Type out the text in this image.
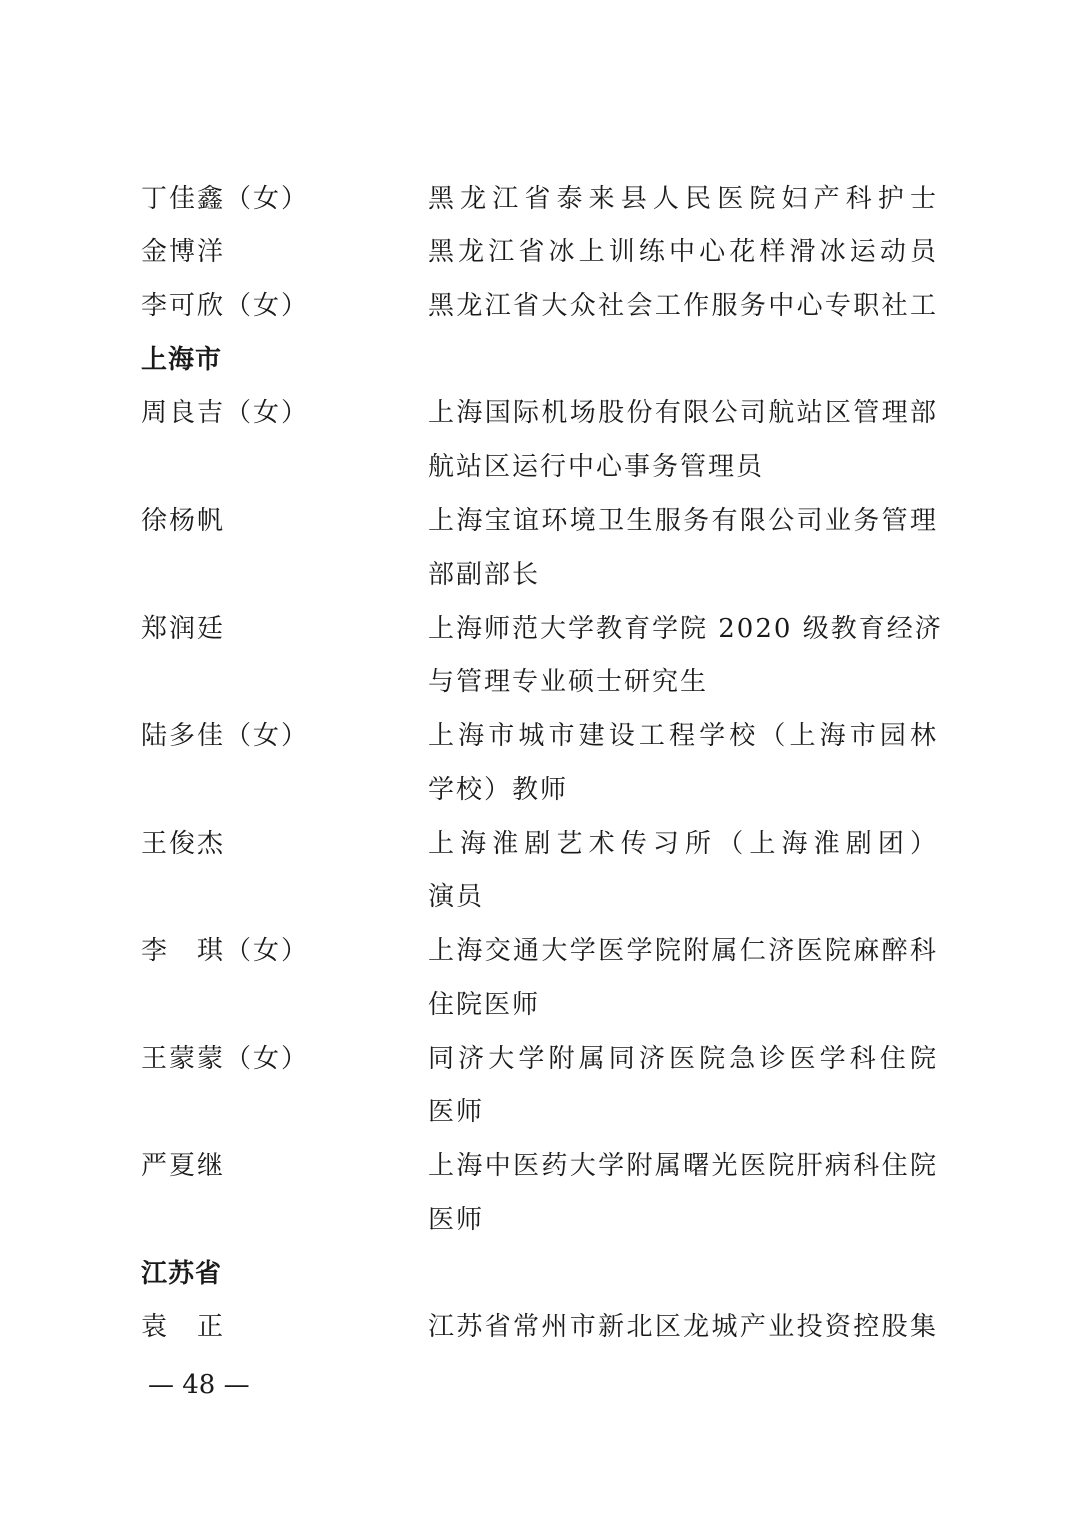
丁佳鑫（女）	黑龙江省泰来县人民医院妇产科护士
金博洋	黑龙江省冰上训练中心花样滑冰运动员
李可欣（女）	黑龙江省大众社会工作服务中心专职社工
上海市
周良吉（女）	上海国际机场股份有限公司航站区管理部
航站区运行中心事务管理员
徐杨帆	上海宝谊环境卫生服务有限公司业务管理
部副部长
郑润廷	上海师范大学教育学院 2020 级教育经济
与管理专业硕士研究生
陆多佳（女）	上海市城市建设工程学校（上海市园林
学校）教师
王俊杰	上海淮剧艺术传习所（上海淮剧团）
演员
李　琪（女）	上海交通大学医学院附属仁济医院麻醉科
住院医师
王蒙蒙（女）	同济大学附属同济医院急诊医学科住院
医师
严夏继	上海中医药大学附属曙光医院肝病科住院
医师
江苏省
袁　正	江苏省常州市新北区龙城产业投资控股集
— 48 —
